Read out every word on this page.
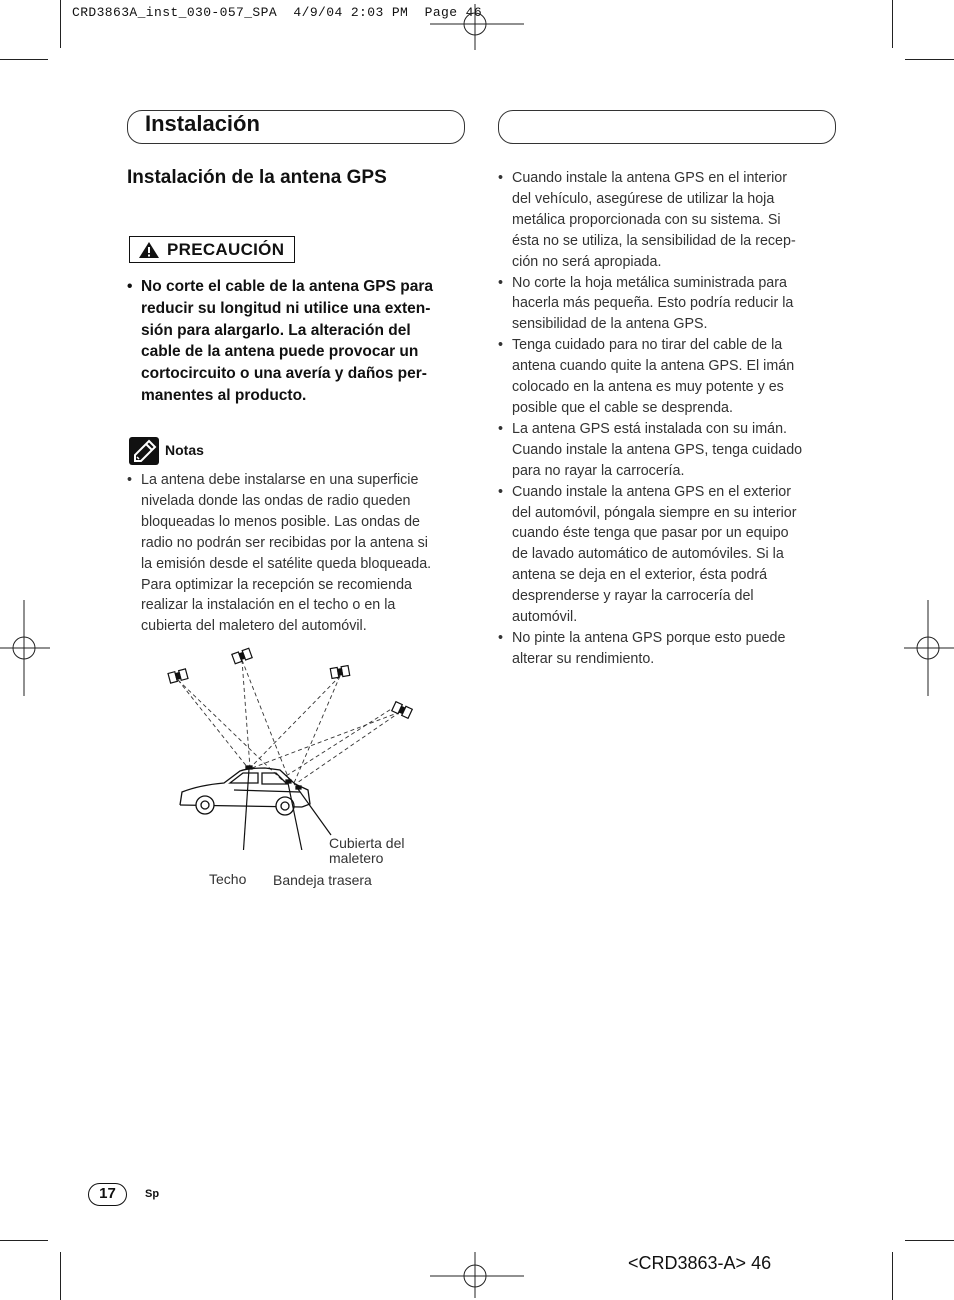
CRD3863A_inst_030-057_SPA  4/9/04 2:03 PM  Page 46
Instalación
Instalación de la antena GPS
PRECAUCIÓN
• No corte el cable de la antena GPS para
reducir su longitud ni utilice una exten-
sión para alargarlo. La alteración del
cable de la antena puede provocar un
cortocircuito o una avería y daños per-
manentes al producto.
Notas
• La antena debe instalarse en una superficie
nivelada donde las ondas de radio queden
bloqueadas lo menos posible. Las ondas de
radio no podrán ser recibidas por la antena si
la emisión desde el satélite queda bloqueada.
Para optimizar la recepción se recomienda
realizar la instalación en el techo o en la
cubierta del maletero del automóvil.
Cubierta del
maletero
Techo Bandeja trasera
• Cuando instale la antena GPS en el interior
del vehículo, asegúrese de utilizar la hoja
metálica proporcionada con su sistema. Si
ésta no se utiliza, la sensibilidad de la recep-
ción no será apropiada.
• No corte la hoja metálica suministrada para
hacerla más pequeña. Esto podría reducir la
sensibilidad de la antena GPS.
• Tenga cuidado para no tirar del cable de la
antena cuando quite la antena GPS. El imán
colocado en la antena es muy potente y es
posible que el cable se desprenda.
• La antena GPS está instalada con su imán.
Cuando instale la antena GPS, tenga cuidado
para no rayar la carrocería.
• Cuando instale la antena GPS en el exterior
del automóvil, póngala siempre en su interior
cuando éste tenga que pasar por un equipo
de lavado automático de automóviles. Si la
antena se deja en el exterior, ésta podrá
desprenderse y rayar la carrocería del
automóvil.
• No pinte la antena GPS porque esto puede
alterar su rendimiento.
17	Sp
<CRD3863-A> 46
